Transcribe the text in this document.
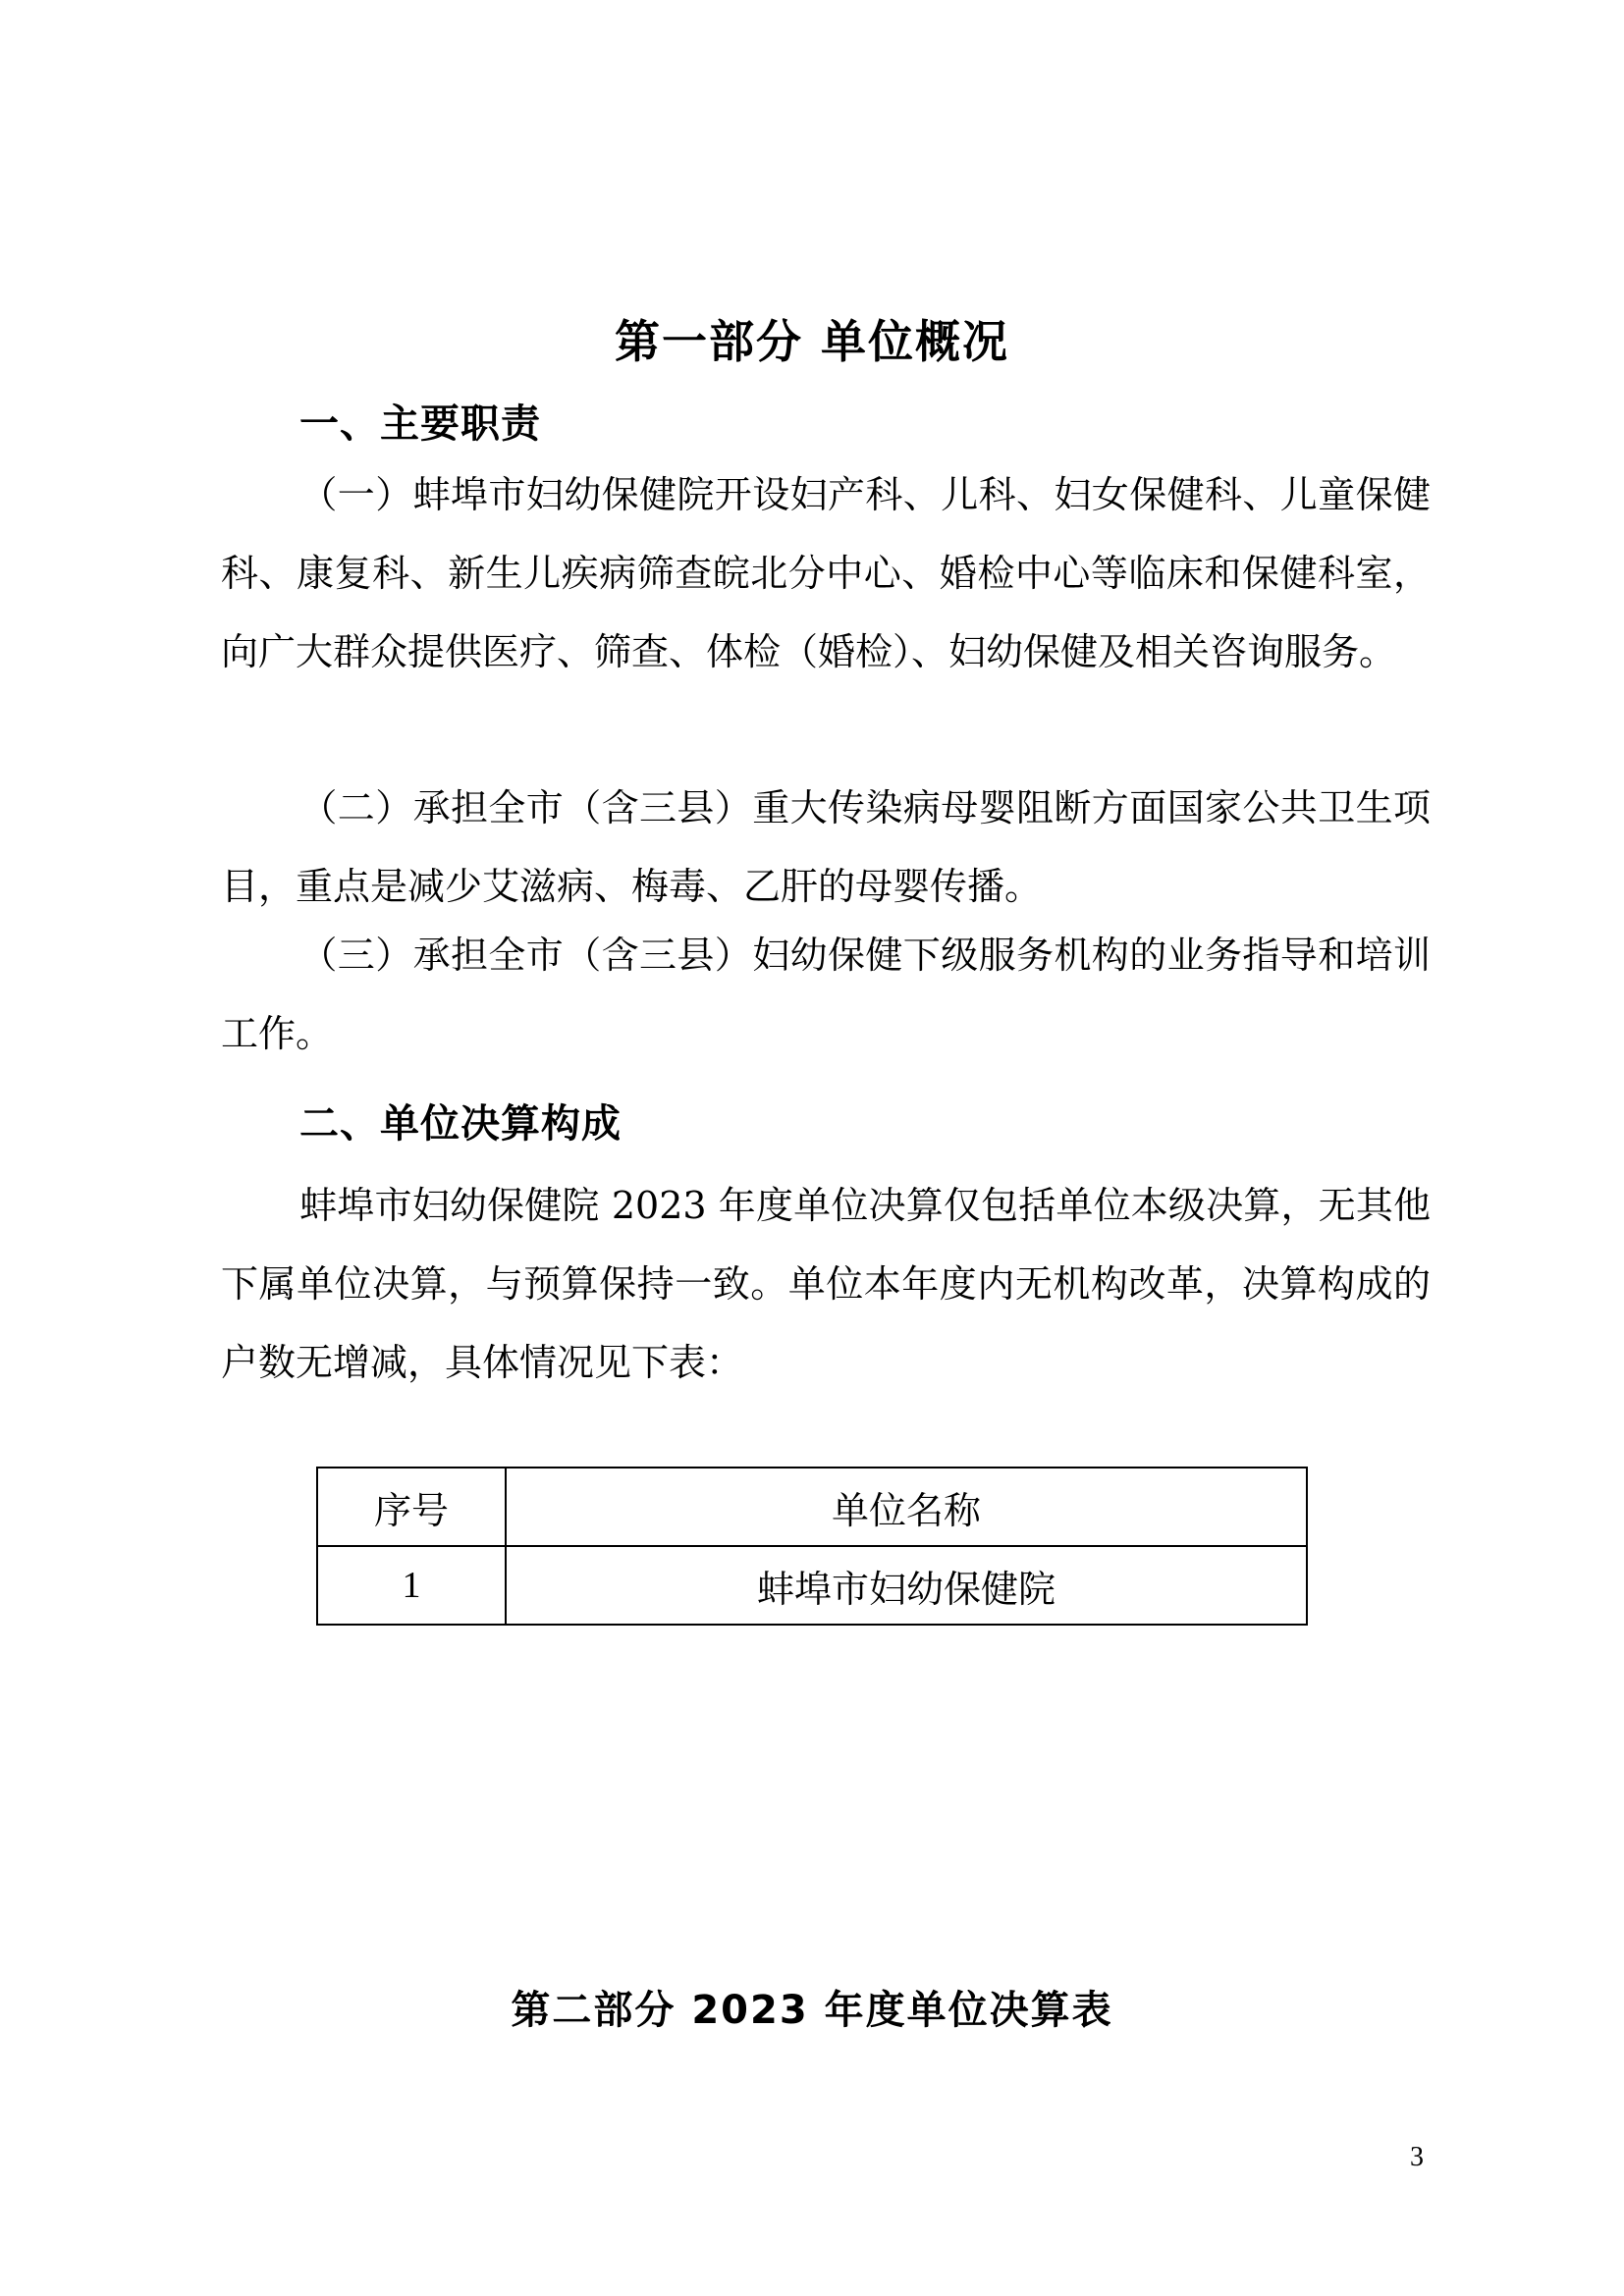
第一部分 单位概况
一、主要职责
（一）蚌埠市妇幼保健院开设妇产科、儿科、妇女保健科、儿童保健科、康复科、新生儿疾病筛查皖北分中心、婚检中心等临床和保健科室，向广大群众提供医疗、筛查、体检（婚检）、妇幼保健及相关咨询服务。
（二）承担全市（含三县）重大传染病母婴阻断方面国家公共卫生项目，重点是减少艾滋病、梅毒、乙肝的母婴传播。
（三）承担全市（含三县）妇幼保健下级服务机构的业务指导和培训工作。
二、单位决算构成
蚌埠市妇幼保健院 2023 年度单位决算仅包括单位本级决算，无其他下属单位决算，与预算保持一致。单位本年度内无机构改革，决算构成的户数无增减，具体情况见下表：
序号	单位名称
1	蚌埠市妇幼保健院
第二部分 2023 年度单位决算表
3
